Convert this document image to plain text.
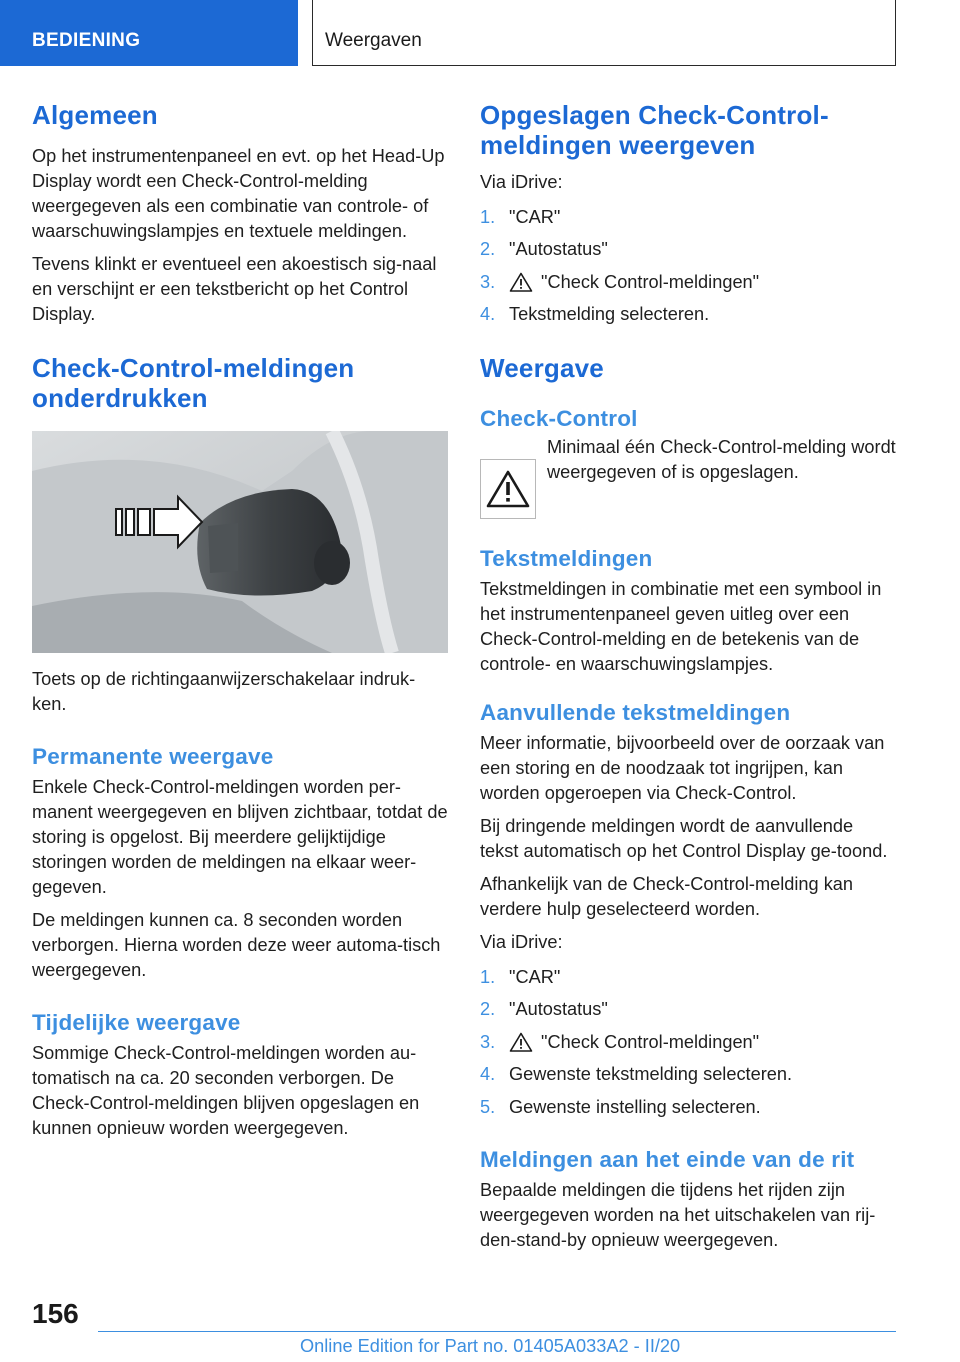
BEDIENING	Weergaven
Algemeen

Op het instrumentenpaneel en evt. op het Head-Up Display wordt een Check-Control-melding weergegeven als een combinatie van controle- of waarschuwingslampjes en textuele meldingen.

Tevens klinkt er eventueel een akoestisch sig-naal en verschijnt er een tekstbericht op het Control Display.

Check-Control-meldingen onderdrukken

Toets op de richtingaanwijzerschakelaar indruk-ken.

Permanente weergave

Enkele Check-Control-meldingen worden per-manent weergegeven en blijven zichtbaar, totdat de storing is opgelost. Bij meerdere gelijktijdige storingen worden de meldingen na elkaar weer-gegeven.

De meldingen kunnen ca. 8 seconden worden verborgen. Hierna worden deze weer automa-tisch weergegeven.

Tijdelijke weergave

Sommige Check-Control-meldingen worden au-tomatisch na ca. 20 seconden verborgen. De Check-Control-meldingen blijven opgeslagen en kunnen opnieuw worden weergegeven.

Opgeslagen Check-Control-meldingen weergeven

Via iDrive:

1. "CAR"
2. "Autostatus"
3.	"Check Control-meldingen"
4. Tekstmelding selecteren.
Weergave
Check-Control

Minimaal één Check-Control-melding wordt weergegeven of is opgeslagen.

Tekstmeldingen

Tekstmeldingen in combinatie met een symbool in het instrumentenpaneel geven uitleg over een Check-Control-melding en de betekenis van de controle- en waarschuwingslampjes.

Aanvullende tekstmeldingen

Meer informatie, bijvoorbeeld over de oorzaak van een storing en de noodzaak tot ingrijpen, kan worden opgeroepen via Check-Control.

Bij dringende meldingen wordt de aanvullende tekst automatisch op het Control Display ge-toond.

Afhankelijk van de Check-Control-melding kan verdere hulp geselecteerd worden.

Via iDrive:

1. "CAR"
2. "Autostatus"
3.	"Check Control-meldingen"
4. Gewenste tekstmelding selecteren.
5. Gewenste instelling selecteren.
Meldingen aan het einde van de rit

Bepaalde meldingen die tijdens het rijden zijn weergegeven worden na het uitschakelen van rij-den-stand-by opnieuw weergegeven.

156
Online Edition for Part no. 01405A033A2 - II/20
